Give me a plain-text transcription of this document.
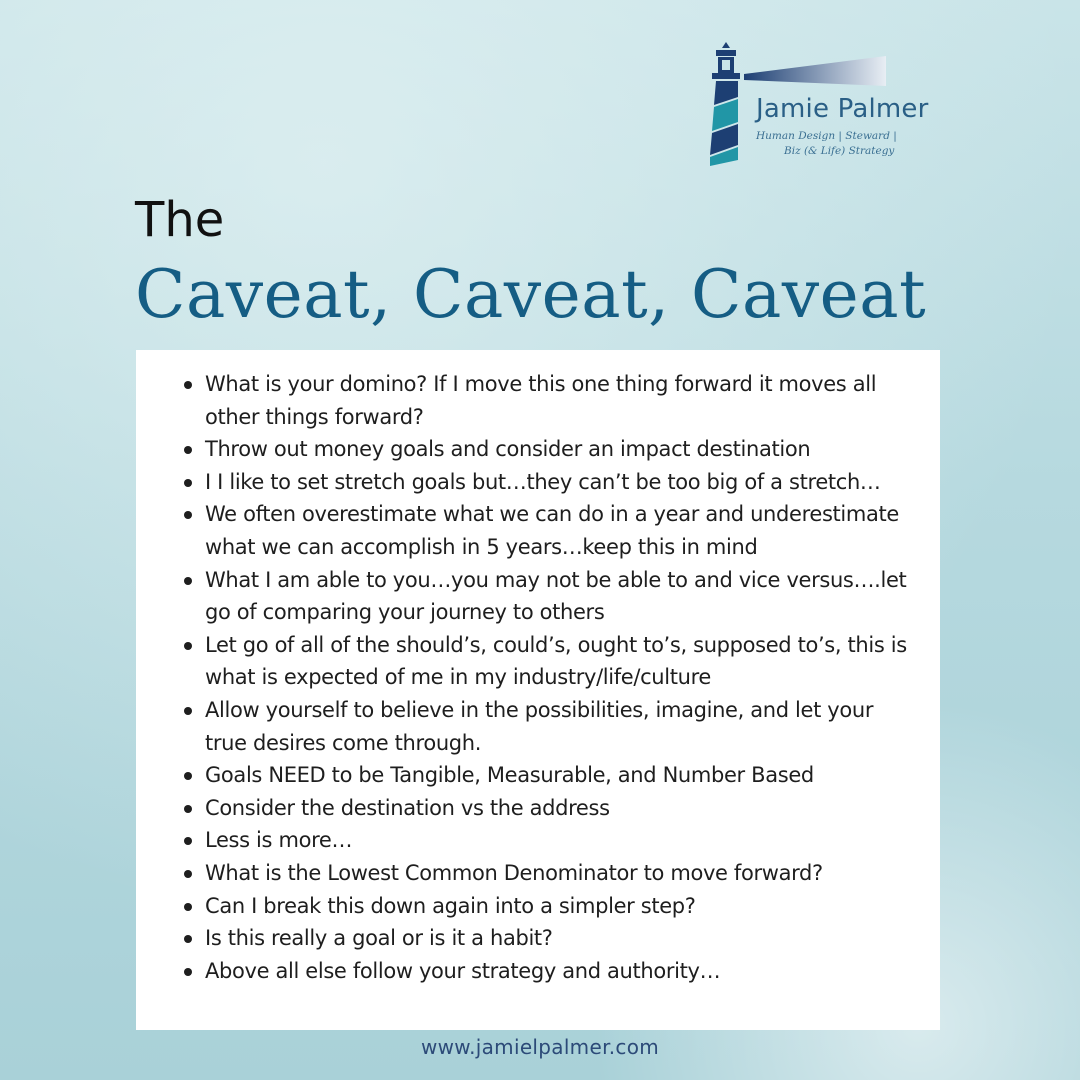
Jamie Palmer
Human Design | Steward |
Biz (& Life) Strategy
The
Caveat, Caveat, Caveat
What is your domino? If I move this one thing forward it moves all other things forward?
Throw out money goals and consider an impact destination
I I like to set stretch goals but…they can’t be too big of a stretch…
We often overestimate what we can do in a year and underestimate what we can accomplish in 5 years…keep this in mind
What I am able to you…you may not be able to and vice versus….let go of comparing your journey to others
Let go of all of the should’s, could’s, ought to’s, supposed to’s, this is what is expected of me in my industry/life/culture
Allow yourself to believe in the possibilities, imagine, and let your true desires come through.
Goals NEED to be Tangible, Measurable, and Number Based
Consider the destination vs the address
Less is more…
What is the Lowest Common Denominator to move forward?
Can I break this down again into a simpler step?
Is this really a goal or is it a habit?
Above all else follow your strategy and authority…
www.jamielpalmer.com
